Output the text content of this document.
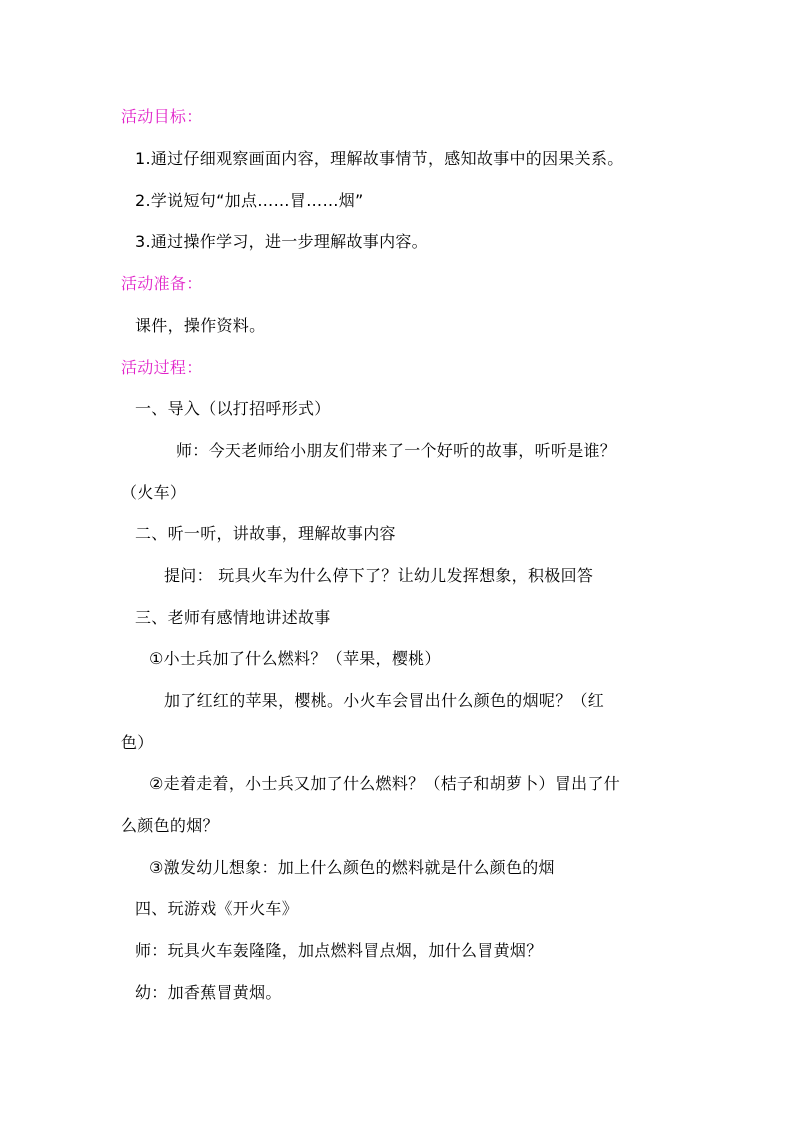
活动目标：
1.通过仔细观察画面内容，理解故事情节，感知故事中的因果关系。
2.学说短句“加点……冒……烟”
3.通过操作学习，进一步理解故事内容。
活动准备：
课件，操作资料。
活动过程：
一、导入（以打招呼形式）
师：今天老师给小朋友们带来了一个好听的故事，听听是谁？
（火车）
二、听一听，讲故事，理解故事内容
提问： 玩具火车为什么停下了？让幼儿发挥想象，积极回答
三、老师有感情地讲述故事
①小士兵加了什么燃料？（苹果，樱桃）
加了红红的苹果，樱桃。小火车会冒出什么颜色的烟呢？（红
色）
②走着走着，小士兵又加了什么燃料？（桔子和胡萝卜）冒出了什
么颜色的烟？
③激发幼儿想象：加上什么颜色的燃料就是什么颜色的烟
四、玩游戏《开火车》
师：玩具火车轰隆隆，加点燃料冒点烟，加什么冒黄烟？
幼：加香蕉冒黄烟。
